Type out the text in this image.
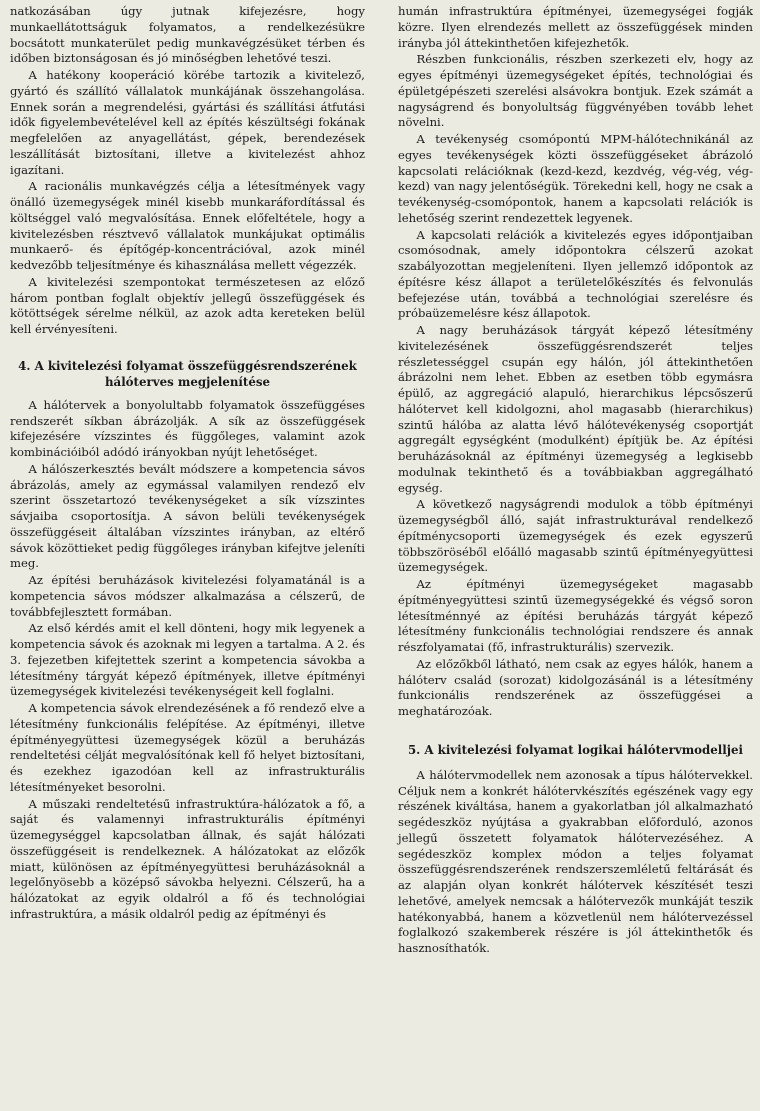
natkozásában úgy jutnak kifejezésre, hogy munkaellátottságuk folyamatos, a rendelkezésükre bocsátott munkaterület pedig munkavégzésüket térben és időben biztonságosan és jó minőségben lehetővé teszi.

A hatékony kooperáció körébe tartozik a kivitelező, gyártó és szállító vállalatok munkájának összehangolása. Ennek során a megrendelési, gyártási és szállítási átfutási idők figyelembevételével kell az építés készültségi fokának megfelelően az anyagellátást, gépek, berendezések leszállítását biztosítani, illetve a kivitelezést ahhoz igazítani.

A racionális munkavégzés célja a létesítmények vagy önálló üzemegységek minél kisebb munkaráfordítással és költséggel való megvalósítása. Ennek előfeltétele, hogy a kivitelezésben résztvevő vállalatok munkájukat optimális munkaerő- és építőgép-koncentrációval, azok minél kedvezőbb teljesítménye és kihasználása mellett végezzék.

A kivitelezési szempontokat természetesen az előző három pontban foglalt objektív jellegű összefüggések és kötöttségek sérelme nélkül, az azok adta kereteken belül kell érvényesíteni.

4. A kivitelezési folyamat összefüggésrendszerének hálóterves megjelenítése

A hálótervek a bonyolultabb folyamatok összefüggéses rendszerét síkban ábrázolják. A sík az összefüggések kifejezésére vízszintes és függőleges, valamint azok kombinációiból adódó irányokban nyújt lehetőséget.

A hálószerkesztés bevált módszere a kompetencia sávos ábrázolás, amely az egymással valamilyen rendező elv szerint összetartozó tevékenységeket a sík vízszintes sávjaiba csoportosítja. A sávon belüli tevékenységek összefüggéseit általában vízszintes irányban, az eltérő sávok közöttieket pedig függőleges irányban kifejtve jeleníti meg.

Az építési beruházások kivitelezési folyamatánál is a kompetencia sávos módszer alkalmazása a célszerű, de továbbfejlesztett formában.

Az első kérdés amit el kell dönteni, hogy mik legyenek a kompetencia sávok és azoknak mi legyen a tartalma. A 2. és 3. fejezetben kifejtettek szerint a kompetencia sávokba a létesítmény tárgyát képező építmények, illetve építményi üzemegységek kivitelezési tevékenységeit kell foglalni.

A kompetencia sávok elrendezésének a fő rendező elve a létesítmény funkcionális felépítése. Az építményi, illetve építményegyüttesi üzemegységek közül a beruházás rendeltetési célját megvalósítónak kell fő helyet biztosítani, és ezekhez igazodóan kell az infrastrukturális létesítményeket besorolni.

A műszaki rendeltetésű infrastruktúra-hálózatok a fő, a saját és valamennyi infrastrukturális építményi üzemegységgel kapcsolatban állnak, és saját hálózati összefüggéseit is rendelkeznek. A hálózatokat az előzők miatt, különösen az építményegyüttesi beruházásoknál a legelőnyösebb a középső sávokba helyezni. Célszerű, ha a hálózatokat az egyik oldalról a fő és technológiai infrastruktúra, a másik oldalról pedig az építményi és

humán infrastruktúra építményei, üzemegységei fogják közre. Ilyen elrendezés mellett az összefüggések minden irányba jól áttekinthetően kifejezhetők.

Részben funkcionális, részben szerkezeti elv, hogy az egyes építményi üzemegységeket építés, technológiai és épületgépészeti szerelési alsávokra bontjuk. Ezek számát a nagyságrend és bonyolultság függvényében tovább lehet növelni.

A tevékenység csomópontú MPM-hálótechnikánál az egyes tevékenységek közti összefüggéseket ábrázoló kapcsolati relációknak (kezd-kezd, kezdvég, vég-vég, vég-kezd) van nagy jelentőségük. Törekedni kell, hogy ne csak a tevékenység-csomópontok, hanem a kapcsolati relációk is lehetőség szerint rendezettek legyenek.

A kapcsolati relációk a kivitelezés egyes időpontjaiban csomósodnak, amely időpontokra célszerű azokat szabályozottan megjeleníteni. Ilyen jellemző időpontok az építésre kész állapot a területelőkészítés és felvonulás befejezése után, továbbá a technológiai szerelésre és próbaüzemelésre kész állapotok.

A nagy beruházások tárgyát képező létesítmény kivitelezésének összefüggésrendszerét teljes részletességgel csupán egy hálón, jól áttekinthetően ábrázolni nem lehet. Ebben az esetben több egymásra épülő, az aggregáció alapuló, hierarchikus lépcsőszerű hálótervet kell kidolgozni, ahol magasabb (hierarchikus) szintű hálóba az alatta lévő hálótevékenység csoportját aggregált egységként (modulként) építjük be. Az építési beruházásoknál az építményi üzemegység a legkisebb modulnak tekinthető és a továbbiakban aggregálható egység.

A következő nagyságrendi modulok a több építményi üzemegységből álló, saját infrastrukturával rendelkező építménycsoporti üzemegységek és ezek egyszerű többszöröséből előálló magasabb szintű építményegyüttesi üzemegységek.

Az építményi üzemegységeket magasabb építményegyüttesi szintű üzemegységekké és végső soron létesítménnyé az építési beruházás tárgyát képező létesítmény funkcionális technológiai rendszere és annak részfolyamatai (fő, infrastrukturális) szervezik.

Az előzőkből látható, nem csak az egyes hálók, hanem a hálóterv család (sorozat) kidolgozásánál is a létesítmény funkcionális rendszerének az összefüggései a meghatározóak.

5. A kivitelezési folyamat logikai hálótervmodelljei

A hálótervmodellek nem azonosak a típus hálótervekkel. Céljuk nem a konkrét hálótervkészítés egészének vagy egy részének kiváltása, hanem a gyakorlatban jól alkalmazható segédeszköz nyújtása a gyakrabban előforduló, azonos jellegű összetett folyamatok hálótervezéséhez. A segédeszköz komplex módon a teljes folyamat összefüggésrendszerének rendszerszemléletű feltárását és az alapján olyan konkrét hálótervek készítését teszi lehetővé, amelyek nemcsak a hálótervezők munkáját teszik hatékonyabbá, hanem a közvetlenül nem hálótervezéssel foglalkozó szakemberek részére is jól áttekinthetők és hasznosíthatók.
